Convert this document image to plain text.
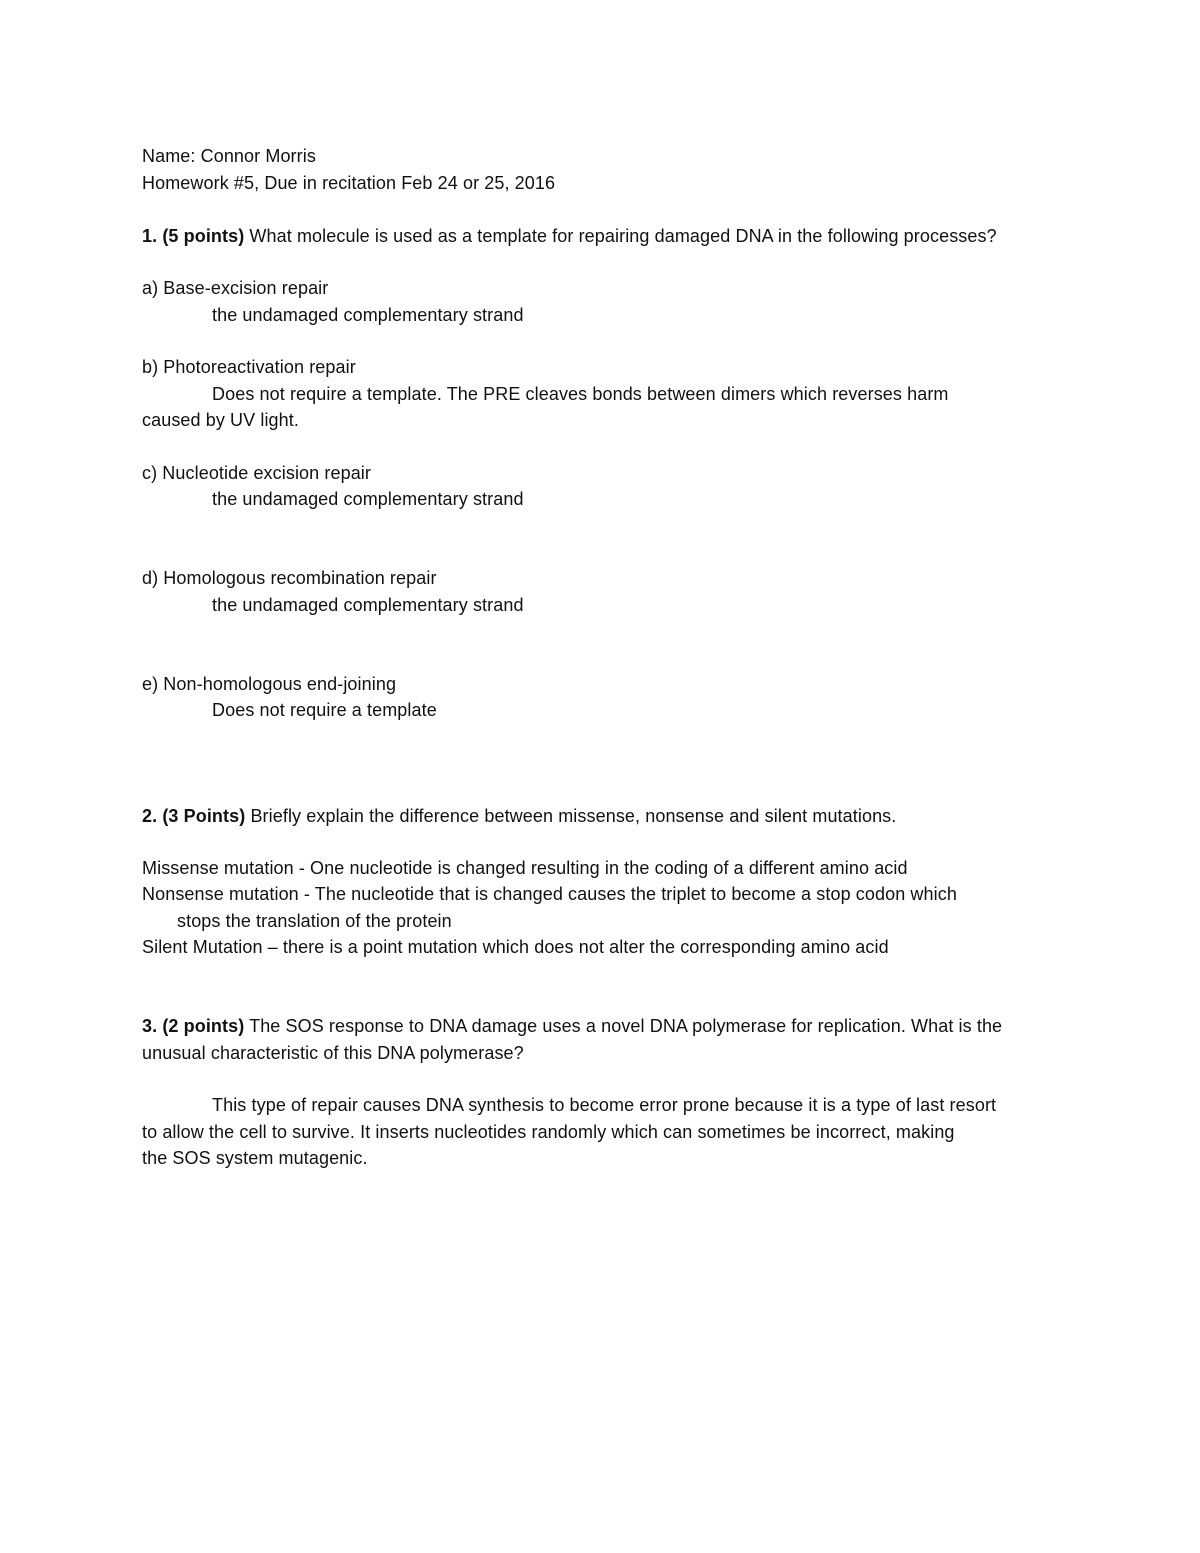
Name: Connor Morris
Homework #5, Due in recitation Feb 24 or 25, 2016
1. (5 points) What molecule is used as a template for repairing damaged DNA in the following processes?
a) Base-excision repair
the undamaged complementary strand
b) Photoreactivation repair
Does not require a template. The PRE cleaves bonds between dimers which reverses harm
caused by UV light.
c) Nucleotide excision repair
the undamaged complementary strand
d) Homologous recombination repair
the undamaged complementary strand
e) Non-homologous end-joining
Does not require a template
2. (3 Points) Briefly explain the difference between missense, nonsense and silent mutations.
Missense mutation - One nucleotide is changed resulting in the coding of a different amino acid
Nonsense mutation - The nucleotide that is changed causes the triplet to become a stop codon which
stops the translation of the protein
Silent Mutation – there is a point mutation which does not alter the corresponding amino acid
3. (2 points) The SOS response to DNA damage uses a novel DNA polymerase for replication. What is the
unusual characteristic of this DNA polymerase?
This type of repair causes DNA synthesis to become error prone because it is a type of last resort
to allow the cell to survive. It inserts nucleotides randomly which can sometimes be incorrect, making
the SOS system mutagenic.
